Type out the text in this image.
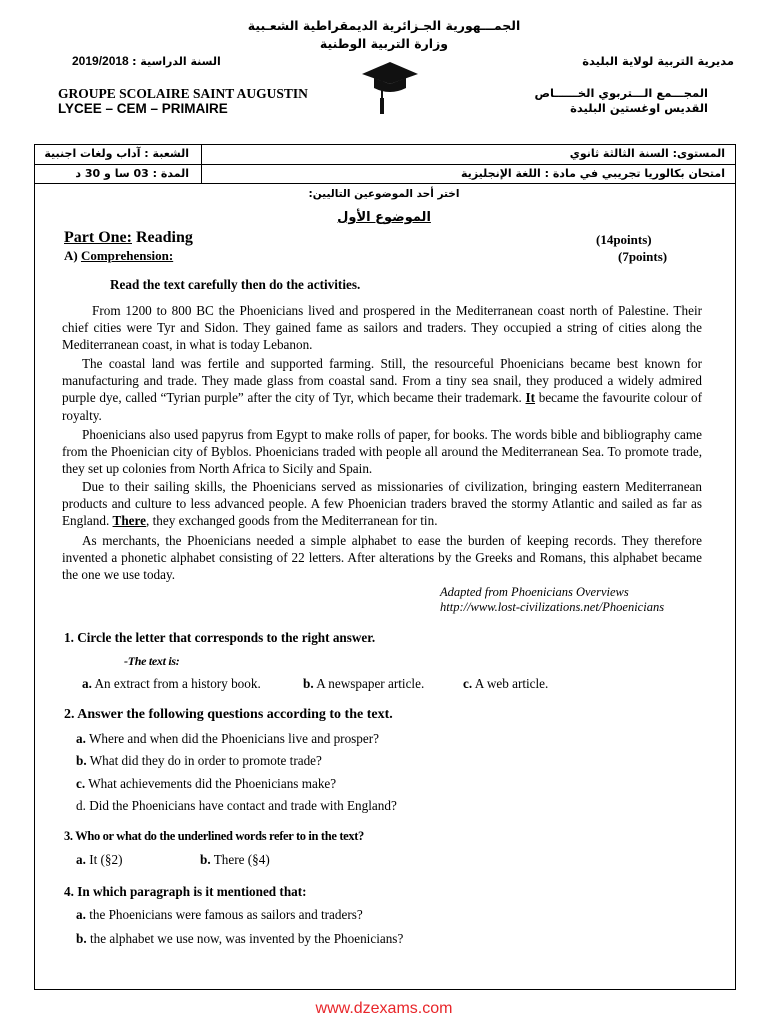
الجمـــهورية الجـزائرية الديمقراطية الشعـبية
وزارة التربية الوطنية
مديرية التربية لولاية البليدة
2019/2018 السنة الدراسية :
GROUPE SCOLAIRE SAINT AUGUSTIN
LYCEE – CEM – PRIMAIRE
المجـــمع الـــتربوي الخــــــاص
القديس اوغستين البليدة
المستوى: السنة الثالثة ثانوي
الشعبة : آداب ولغات اجنبية
امتحان بكالوريا تجريبي في مادة : اللغة الإنجليزية
المدة : 03 سا و 30 د
اختر أحد الموضوعين التاليين:
الموضوع الأول
Part One: Reading	(14points)
A) Comprehension:	(7points)
Read the text carefully then do the activities.

From 1200 to 800 BC the Phoenicians lived and prospered in the Mediterranean coast north of Palestine. Their chief cities were Tyr and Sidon. They gained fame as sailors and traders. They occupied a string of cities along the Mediterranean coast, in what is today Lebanon.

The coastal land was fertile and supported farming. Still, the resourceful Phoenicians became best known for manufacturing and trade. They made glass from coastal sand. From a tiny sea snail, they produced a widely admired purple dye, called “Tyrian purple” after the city of Tyr, which became their trademark. It became the favourite colour of royalty.

Phoenicians also used papyrus from Egypt to make rolls of paper, for books. The words bible and bibliography came from the Phoenician city of Byblos. Phoenicians traded with people all around the Mediterranean Sea. To promote trade, they set up colonies from North Africa to Sicily and Spain.

Due to their sailing skills, the Phoenicians served as missionaries of civilization, bringing eastern Mediterranean products and culture to less advanced people. A few Phoenician traders braved the stormy Atlantic and sailed as far as England. There, they exchanged goods from the Mediterranean for tin.

As merchants, the Phoenicians needed a simple alphabet to ease the burden of keeping records. They therefore invented a phonetic alphabet consisting of 22 letters. After alterations by the Greeks and Romans, this alphabet became the one we use today.

Adapted from Phoenicians Overviews
http://www.lost-civilizations.net/Phoenicians
1. Circle the letter that corresponds to the right answer.
-The text is:
a. An extract from a history book.	b. A newspaper article.	c. A web article.
2. Answer the following questions according to the text.
a. Where and when did the Phoenicians live and prosper?
b. What did they do in order to promote trade?
c. What achievements did the Phoenicians make?
d. Did the Phoenicians have contact and trade with England?
3. Who or what do the underlined words refer to in the text?
a. It (§2)	b. There (§4)
4. In which paragraph is it mentioned that:
a. the Phoenicians were famous as sailors and traders?
b. the alphabet we use now, was invented by the Phoenicians?
www.dzexams.com
